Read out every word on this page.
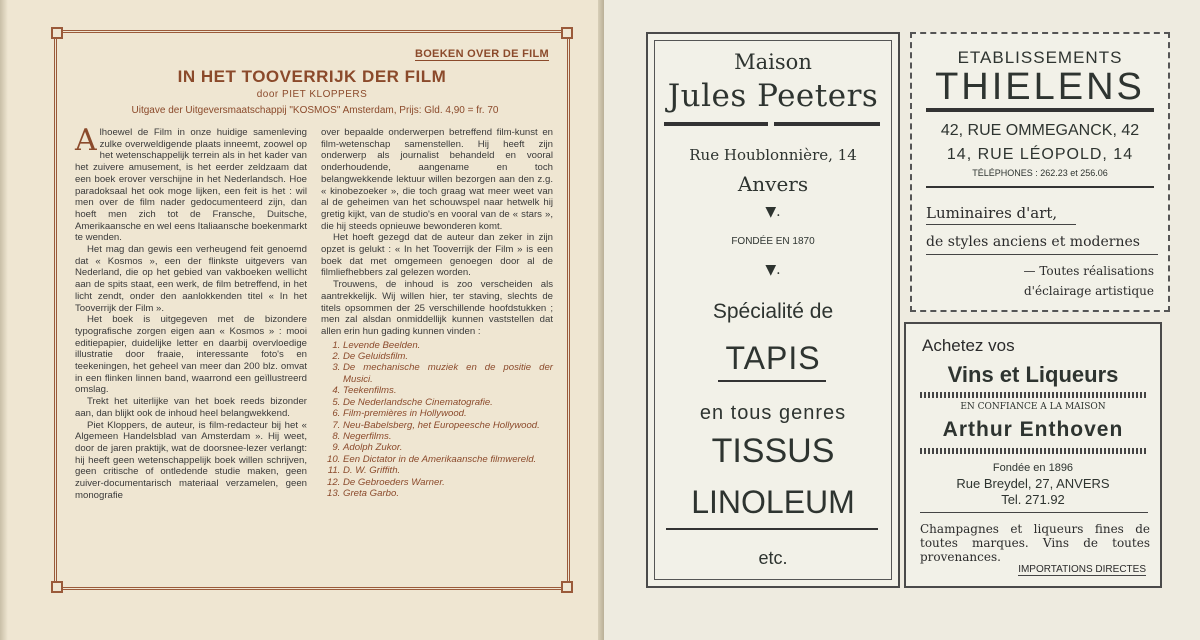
BOEKEN OVER DE FILM
IN HET TOOVERRIJK DER FILM
door PIET KLOPPERS
Uitgave der Uitgeversmaatschappij "KOSMOS" Amsterdam, Prijs: Gld. 4,90 = fr. 70

Alhoewel de Film in onze huidige samenleving zulke overweldigende plaats inneemt, zoowel op het wetenschappelijk terrein als in het kader van het zuivere amusement, is het eerder zeldzaam dat een boek erover verschijne in het Nederlandsch. Hoe paradoksaal het ook moge lijken, een feit is het : wil men over de film nader gedocumenteerd zijn, dan hoeft men zich tot de Fransche, Duitsche, Amerikaansche en wel eens Italiaansche boekenmarkt te wenden.

Het mag dan gewis een verheugend feit genoemd dat « Kosmos », een der flinkste uitgevers van Nederland, die op het gebied van vakboeken wellicht aan de spits staat, een werk, de film betreffend, in het licht zendt, onder den aanlokkenden titel « In het Tooverrijk der Film ».

Het boek is uitgegeven met de bizondere typografische zorgen eigen aan « Kosmos » : mooi editiepapier, duidelijke letter en daarbij overvloedige illustratie door fraaie, interessante foto's en teekeningen, het geheel van meer dan 200 blz. omvat in een flinken linnen band, waarrond een geïllustreerd omslag.

Trekt het uiterlijke van het boek reeds bizonder aan, dan blijkt ook de inhoud heel belangwekkend.

Piet Kloppers, de auteur, is film-redacteur bij het « Algemeen Handelsblad van Amsterdam ». Hij weet, door de jaren praktijk, wat de doorsnee-lezer verlangt: hij heeft geen wetenschappelijk boek willen schrijven, geen critische of ontledende studie maken, geen zuiver-documentarisch materiaal verzamelen, geen monografie

over bepaalde onderwerpen betreffend film-kunst en film-wetenschap samenstellen. Hij heeft zijn onderwerp als journalist behandeld en vooral onderhoudende, aangename en toch belangwekkende lektuur willen bezorgen aan den z.g. « kinobezoeker », die toch graag wat meer weet van al de geheimen van het schouwspel naar hetwelk hij gretig kijkt, van de studio's en vooral van de « stars », die hij steeds opnieuwe bewonderen komt.

Het hoeft gezegd dat de auteur dan zeker in zijn opzet is gelukt : « In het Tooverrijk der Film » is een boek dat met omgemeen genoegen door al de filmliefhebbers zal gelezen worden.

Trouwens, de inhoud is zoo verscheiden als aantrekkelijk. Wij willen hier, ter staving, slechts de titels opsommen der 25 verschillende hoofdstukken ; men zal alsdan onmiddellijk kunnen vaststellen dat allen erin hun gading kunnen vinden :

1. Levende Beelden.
2. De Geluidsfilm.
3. De mechanische muziek en de positie der Musici.
4. Teekenfilms.
5. De Nederlandsche Cinematografie.
6. Film-premières in Hollywood.
7. Neu-Babelsberg, het Europeesche Hollywood.
8. Negerfilms.
9. Adolph Zukor.
10. Een Dictator in de Amerikaansche filmwereld.
11. D. W. Griffith.
12. De Gebroeders Warner.
13. Greta Garbo.
Maison
Jules Peeters
Rue Houblonnière, 14
Anvers
▼.
FONDÉE EN 1870
▼.
Spécialité de
TAPIS
en tous genres
TISSUS
LINOLEUM
etc.
ETABLISSEMENTS
THIELENS
42, RUE OMMEGANCK, 42
14, RUE LÉOPOLD, 14
TÉLÉPHONES : 262.23 et 256.06
Luminaires d'art,
de styles anciens et modernes
— Toutes réalisations
d'éclairage artistique
Achetez vos
Vins et Liqueurs
EN CONFIANCE A LA MAISON
Arthur Enthoven
Fondée en 1896
Rue Breydel, 27, ANVERS
Tel. 271.92
Champagnes et liqueurs fines de toutes marques. Vins de toutes provenances.
IMPORTATIONS DIRECTES
